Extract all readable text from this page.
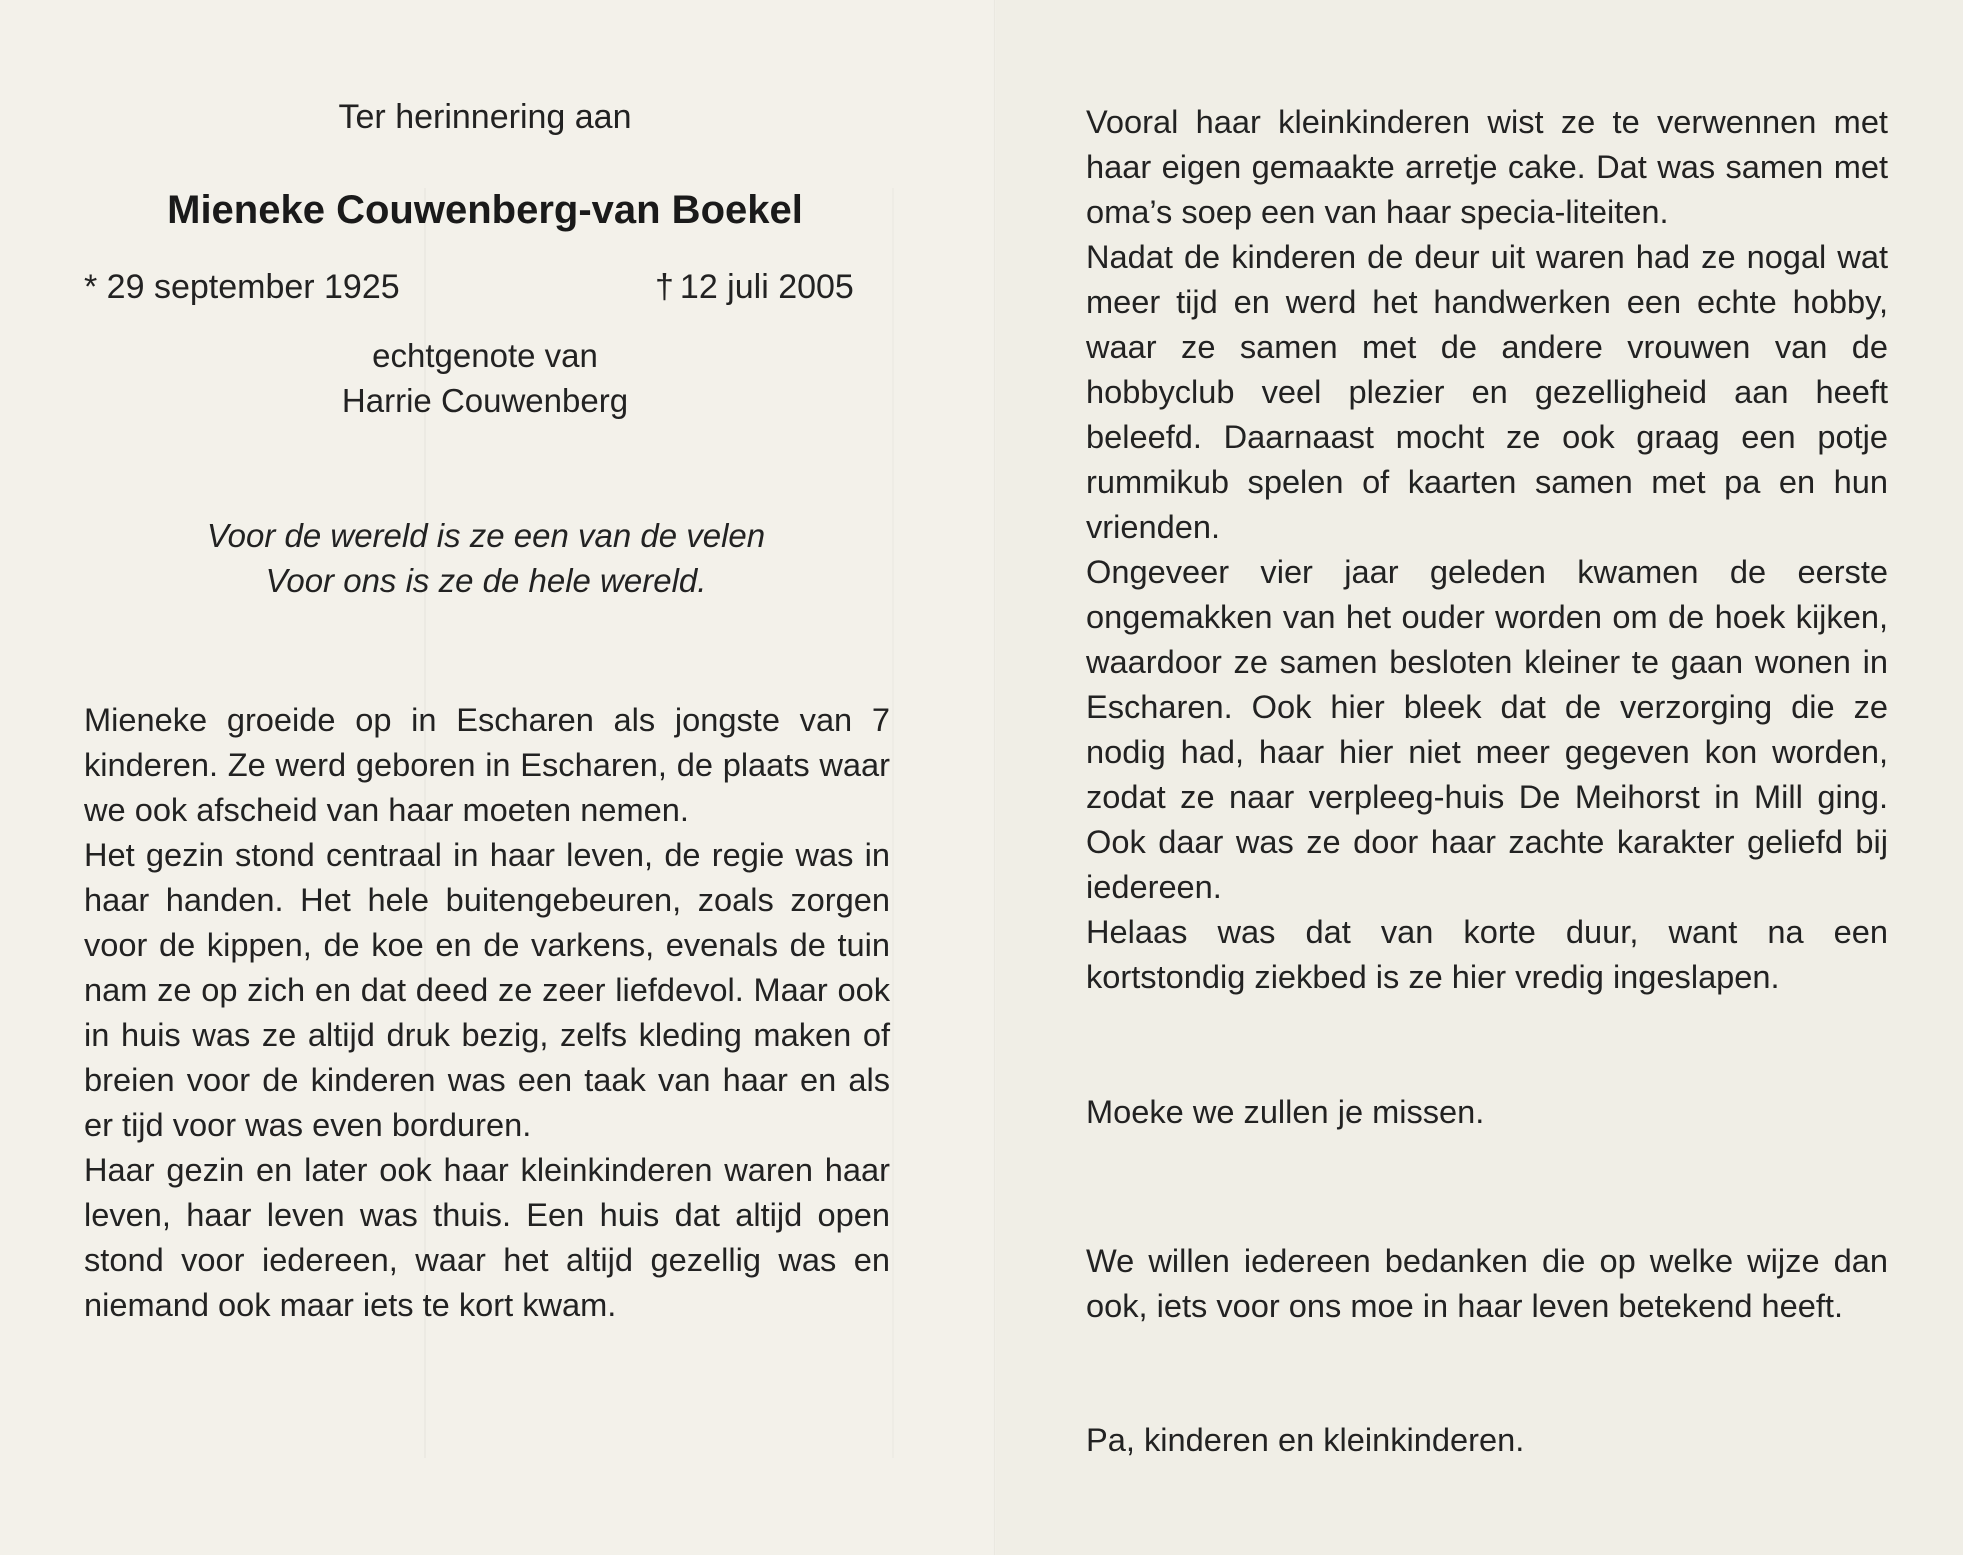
Ter herinnering aan
Mieneke Couwenberg-van Boekel
* 29 september 1925	† 12 juli 2005
echtgenote van
Harrie Couwenberg
Voor de wereld is ze een van de velen
Voor ons is ze de hele wereld.

Mieneke groeide op in Escharen als jongste van 7 kinderen. Ze werd geboren in Escharen, de plaats waar we ook afscheid van haar moeten nemen.

Het gezin stond centraal in haar leven, de regie was in haar handen. Het hele buitengebeuren, zoals zorgen voor de kippen, de koe en de varkens, evenals de tuin nam ze op zich en dat deed ze zeer liefdevol. Maar ook in huis was ze altijd druk bezig, zelfs kleding maken of breien voor de kinderen was een taak van haar en als er tijd voor was even borduren.

Haar gezin en later ook haar kleinkinderen waren haar leven, haar leven was thuis. Een huis dat altijd open stond voor iedereen, waar het altijd gezellig was en niemand ook maar iets te kort kwam.

Vooral haar kleinkinderen wist ze te verwennen met haar eigen gemaakte arretje cake. Dat was samen met oma’s soep een van haar specia-liteiten.

Nadat de kinderen de deur uit waren had ze nogal wat meer tijd en werd het handwerken een echte hobby, waar ze samen met de andere vrouwen van de hobbyclub veel plezier en gezelligheid aan heeft beleefd. Daarnaast mocht ze ook graag een potje rummikub spelen of kaarten samen met pa en hun vrienden.

Ongeveer vier jaar geleden kwamen de eerste ongemakken van het ouder worden om de hoek kijken, waardoor ze samen besloten kleiner te gaan wonen in Escharen. Ook hier bleek dat de verzorging die ze nodig had, haar hier niet meer gegeven kon worden, zodat ze naar verpleeg-huis De Meihorst in Mill ging. Ook daar was ze door haar zachte karakter geliefd bij iedereen.

Helaas was dat van korte duur, want na een kortstondig ziekbed is ze hier vredig ingeslapen.

Moeke we zullen je missen.

We willen iedereen bedanken die op welke wijze dan ook, iets voor ons moe in haar leven betekend heeft.

Pa, kinderen en kleinkinderen.
